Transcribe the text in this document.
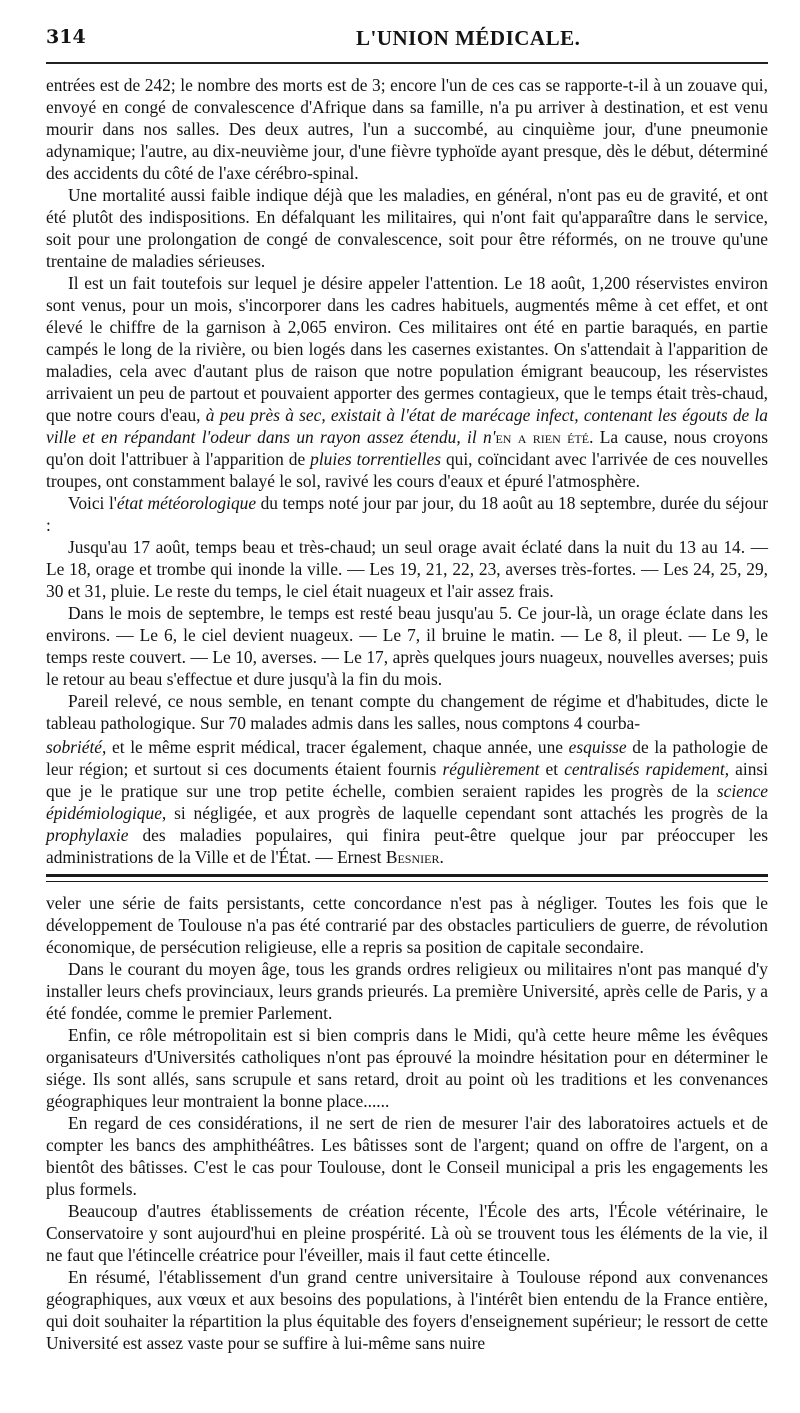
314	L'UNION MÉDICALE.

entrées est de 242; le nombre des morts est de 3; encore l'un de ces cas se rapporte-t-il à un zouave qui, envoyé en congé de convalescence d'Afrique dans sa famille, n'a pu arriver à destination, et est venu mourir dans nos salles. Des deux autres, l'un a succombé, au cinquième jour, d'une pneumonie adynamique; l'autre, au dix-neuvième jour, d'une fièvre typhoïde ayant presque, dès le début, déterminé des accidents du côté de l'axe cérébro-spinal.

Une mortalité aussi faible indique déjà que les maladies, en général, n'ont pas eu de gravité, et ont été plutôt des indispositions. En défalquant les militaires, qui n'ont fait qu'apparaître dans le service, soit pour une prolongation de congé de convalescence, soit pour être réformés, on ne trouve qu'une trentaine de maladies sérieuses.

Il est un fait toutefois sur lequel je désire appeler l'attention. Le 18 août, 1,200 réservistes environ sont venus, pour un mois, s'incorporer dans les cadres habituels, augmentés même à cet effet, et ont élevé le chiffre de la garnison à 2,065 environ. Ces militaires ont été en partie baraqués, en partie campés le long de la rivière, ou bien logés dans les casernes existantes. On s'attendait à l'apparition de maladies, cela avec d'autant plus de raison que notre population émigrant beaucoup, les réservistes arrivaient un peu de partout et pouvaient apporter des germes contagieux, que le temps était très-chaud, que notre cours d'eau, à peu près à sec, existait à l'état de marécage infect, contenant les égouts de la ville et en répandant l'odeur dans un rayon assez étendu, il n'en a rien été. La cause, nous croyons qu'on doit l'attribuer à l'apparition de pluies torrentielles qui, coïncidant avec l'arrivée de ces nouvelles troupes, ont constamment balayé le sol, ravivé les cours d'eaux et épuré l'atmosphère.

Voici l'état météorologique du temps noté jour par jour, du 18 août au 18 septembre, durée du séjour :

Jusqu'au 17 août, temps beau et très-chaud; un seul orage avait éclaté dans la nuit du 13 au 14. — Le 18, orage et trombe qui inonde la ville. — Les 19, 21, 22, 23, averses très-fortes. — Les 24, 25, 29, 30 et 31, pluie. Le reste du temps, le ciel était nuageux et l'air assez frais.

Dans le mois de septembre, le temps est resté beau jusqu'au 5. Ce jour-là, un orage éclate dans les environs. — Le 6, le ciel devient nuageux. — Le 7, il bruine le matin. — Le 8, il pleut. — Le 9, le temps reste couvert. — Le 10, averses. — Le 17, après quelques jours nuageux, nouvelles averses; puis le retour au beau s'effectue et dure jusqu'à la fin du mois.

Pareil relevé, ce nous semble, en tenant compte du changement de régime et d'habitudes, dicte le tableau pathologique. Sur 70 malades admis dans les salles, nous comptons 4 courba-

sobriété, et le même esprit médical, tracer également, chaque année, une esquisse de la pathologie de leur région; et surtout si ces documents étaient fournis régulièrement et centralisés rapidement, ainsi que je le pratique sur une trop petite échelle, combien seraient rapides les progrès de la science épidémiologique, si négligée, et aux progrès de laquelle cependant sont attachés les progrès de la prophylaxie des maladies populaires, qui finira peut-être quelque jour par préoccuper les administrations de la Ville et de l'État. — Ernest Besnier.

veler une série de faits persistants, cette concordance n'est pas à négliger. Toutes les fois que le développement de Toulouse n'a pas été contrarié par des obstacles particuliers de guerre, de révolution économique, de persécution religieuse, elle a repris sa position de capitale secondaire.

Dans le courant du moyen âge, tous les grands ordres religieux ou militaires n'ont pas manqué d'y installer leurs chefs provinciaux, leurs grands prieurés. La première Université, après celle de Paris, y a été fondée, comme le premier Parlement.

Enfin, ce rôle métropolitain est si bien compris dans le Midi, qu'à cette heure même les évêques organisateurs d'Universités catholiques n'ont pas éprouvé la moindre hésitation pour en déterminer le siége. Ils sont allés, sans scrupule et sans retard, droit au point où les traditions et les convenances géographiques leur montraient la bonne place......

En regard de ces considérations, il ne sert de rien de mesurer l'air des laboratoires actuels et de compter les bancs des amphithéâtres. Les bâtisses sont de l'argent; quand on offre de l'argent, on a bientôt des bâtisses. C'est le cas pour Toulouse, dont le Conseil municipal a pris les engagements les plus formels.

Beaucoup d'autres établissements de création récente, l'École des arts, l'École vétérinaire, le Conservatoire y sont aujourd'hui en pleine prospérité. Là où se trouvent tous les éléments de la vie, il ne faut que l'étincelle créatrice pour l'éveiller, mais il faut cette étincelle.

En résumé, l'établissement d'un grand centre universitaire à Toulouse répond aux convenances géographiques, aux vœux et aux besoins des populations, à l'intérêt bien entendu de la France entière, qui doit souhaiter la répartition la plus équitable des foyers d'enseignement supérieur; le ressort de cette Université est assez vaste pour se suffire à lui-même sans nuire
